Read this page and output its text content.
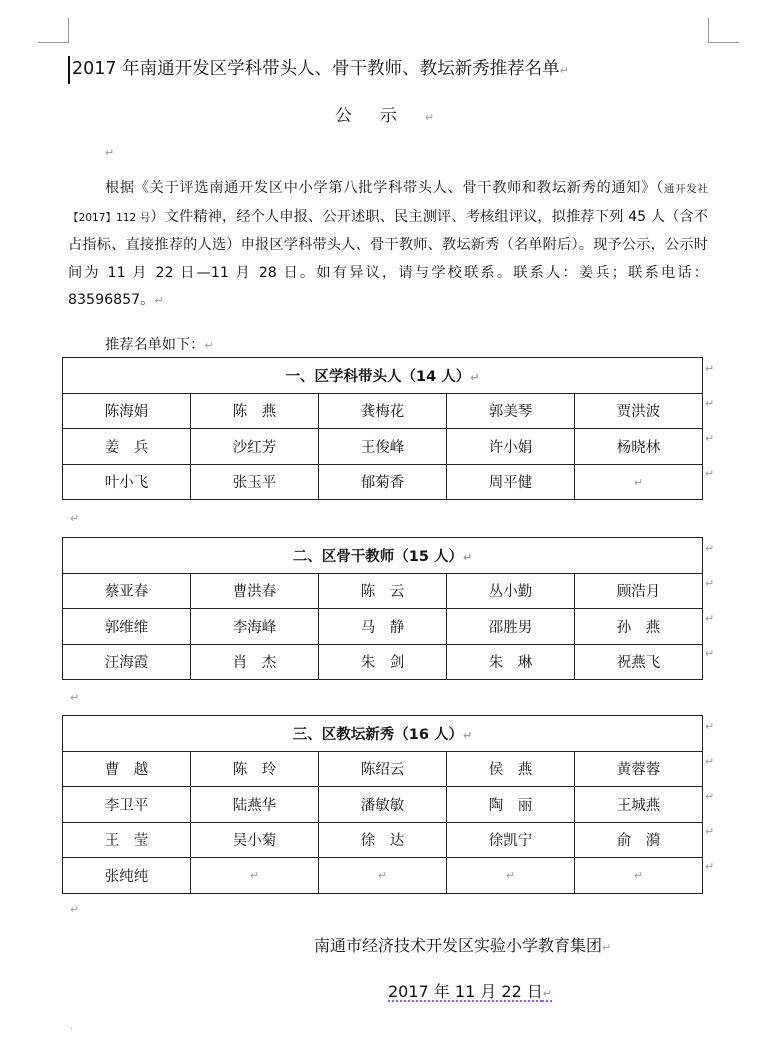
2017 年南通开发区学科带头人、骨干教师、教坛新秀推荐名单↵
公示↵
↵
根据《关于评选南通开发区中小学第八批学科带头人、骨干教师和教坛新秀的通知》（通开发社【2017】112 号）文件精神，经个人申报、公开述职、民主测评、考核组评议，拟推荐下列 45 人（含不占指标、直接推荐的人选）申报区学科带头人、骨干教师、教坛新秀（名单附后）。现予公示，公示时间为 11 月 22 日—11 月 28 日。如有异议，请与学校联系。联系人：姜兵；联系电话：83596857。↵
推荐名单如下：↵
一、区学科带头人（14 人）↵				
陈海娟	陈　燕	龚梅花	郭美琴	贾洪波
姜　兵	沙红芳	王俊峰	许小娟	杨晓林
叶小飞	张玉平	郁菊香	周平健	↵
↵
↵
↵
↵
↵
二、区骨干教师（15 人）↵				
蔡亚春	曹洪春	陈　云	丛小勤	顾浩月
郭维维	李海峰	马　静	邵胜男	孙　燕
汪海霞	肖　杰	朱　剑	朱　琳	祝燕飞
↵
↵
↵
↵
↵
三、区教坛新秀（16 人）↵				
曹　越	陈　玲	陈绍云	侯　燕	黄蓉蓉
李卫平	陆燕华	潘敏敏	陶　丽	王城燕
王　莹	吴小菊	徐　达	徐凯宁	俞　漪
张纯纯	↵	↵	↵	↵
↵
↵
↵
↵
↵
↵
南通市经济技术开发区实验小学教育集团↵
2017 年 11 月 22 日↵
.
